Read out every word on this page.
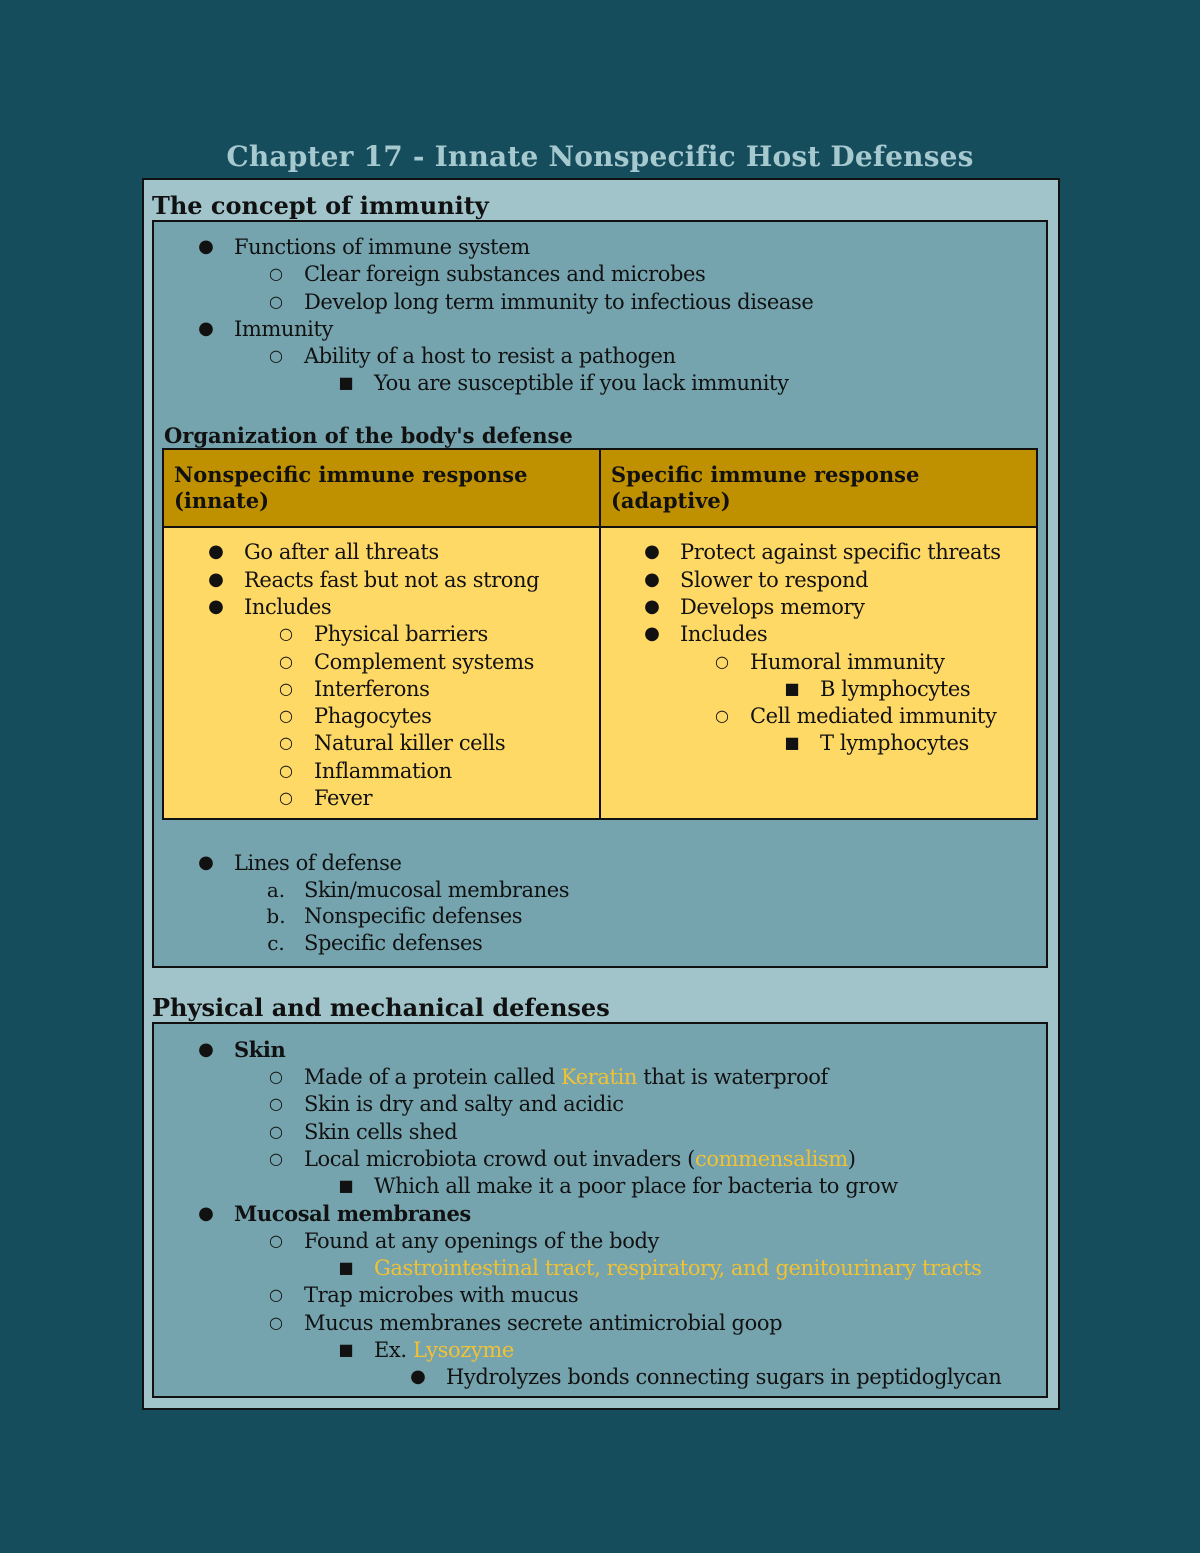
Chapter 17 - Innate Nonspecific Host Defenses
The concept of immunity
● Functions of immune system
○ Clear foreign substances and microbes
○ Develop long term immunity to infectious disease
● Immunity
○ Ability of a host to resist a pathogen
■ You are susceptible if you lack immunity
Organization of the body's defense
Nonspecific immune response
(innate)
Specific immune response
(adaptive)
● Go after all threats
● Reacts fast but not as strong
● Includes
○ Physical barriers
○ Complement systems
○ Interferons
○ Phagocytes
○ Natural killer cells
○ Inflammation
○ Fever
● Protect against specific threats
● Slower to respond
● Develops memory
● Includes
○ Humoral immunity
■ B lymphocytes
○ Cell mediated immunity
■ T lymphocytes
● Lines of defense
a. Skin/mucosal membranes
b. Nonspecific defenses
c. Specific defenses
Physical and mechanical defenses
● Skin
○ Made of a protein called Keratin that is waterproof
○ Skin is dry and salty and acidic
○ Skin cells shed
○ Local microbiota crowd out invaders (commensalism)
■ Which all make it a poor place for bacteria to grow
● Mucosal membranes
○ Found at any openings of the body
■ Gastrointestinal tract, respiratory, and genitourinary tracts
○ Trap microbes with mucus
○ Mucus membranes secrete antimicrobial goop
■ Ex. Lysozyme
● Hydrolyzes bonds connecting sugars in peptidoglycan
